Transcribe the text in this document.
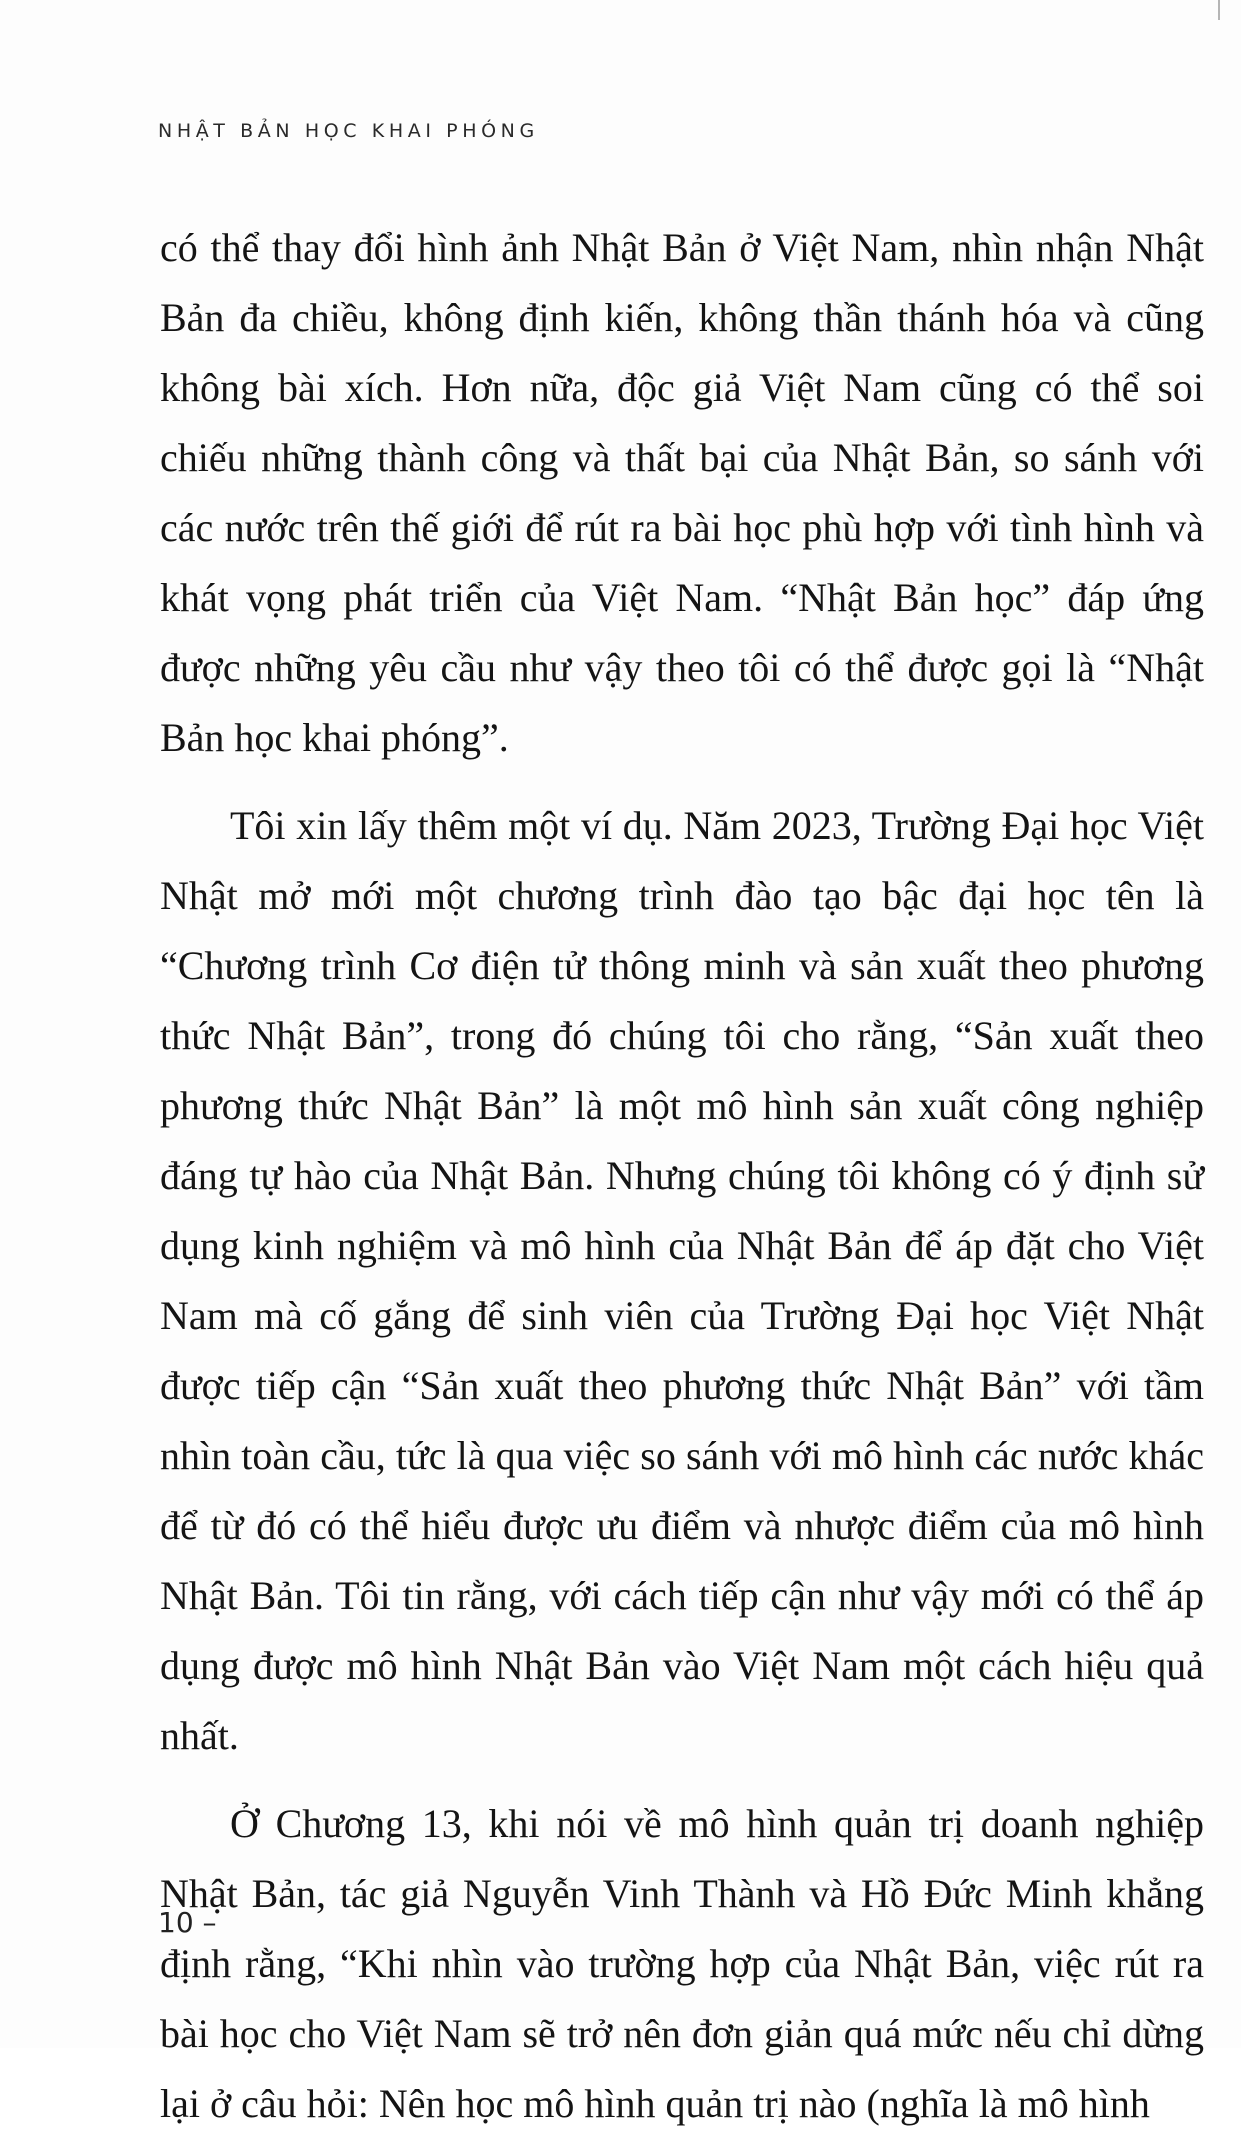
NHẬT BẢN HỌC KHAI PHÓNG

có thể thay đổi hình ảnh Nhật Bản ở Việt Nam, nhìn nhận Nhật Bản đa chiều, không định kiến, không thần thánh hóa và cũng không bài xích. Hơn nữa, độc giả Việt Nam cũng có thể soi chiếu những thành công và thất bại của Nhật Bản, so sánh với các nước trên thế giới để rút ra bài học phù hợp với tình hình và khát vọng phát triển của Việt Nam. “Nhật Bản học” đáp ứng được những yêu cầu như vậy theo tôi có thể được gọi là “Nhật Bản học khai phóng”.

Tôi xin lấy thêm một ví dụ. Năm 2023, Trường Đại học Việt Nhật mở mới một chương trình đào tạo bậc đại học tên là “Chương trình Cơ điện tử thông minh và sản xuất theo phương thức Nhật Bản”, trong đó chúng tôi cho rằng, “Sản xuất theo phương thức Nhật Bản” là một mô hình sản xuất công nghiệp đáng tự hào của Nhật Bản. Nhưng chúng tôi không có ý định sử dụng kinh nghiệm và mô hình của Nhật Bản để áp đặt cho Việt Nam mà cố gắng để sinh viên của Trường Đại học Việt Nhật được tiếp cận “Sản xuất theo phương thức Nhật Bản” với tầm nhìn toàn cầu, tức là qua việc so sánh với mô hình các nước khác để từ đó có thể hiểu được ưu điểm và nhược điểm của mô hình Nhật Bản. Tôi tin rằng, với cách tiếp cận như vậy mới có thể áp dụng được mô hình Nhật Bản vào Việt Nam một cách hiệu quả nhất.

Ở Chương 13, khi nói về mô hình quản trị doanh nghiệp Nhật Bản, tác giả Nguyễn Vinh Thành và Hồ Đức Minh khẳng định rằng, “Khi nhìn vào trường hợp của Nhật Bản, việc rút ra bài học cho Việt Nam sẽ trở nên đơn giản quá mức nếu chỉ dừng lại ở câu hỏi: Nên học mô hình quản trị nào (nghĩa là mô hình

10 –
